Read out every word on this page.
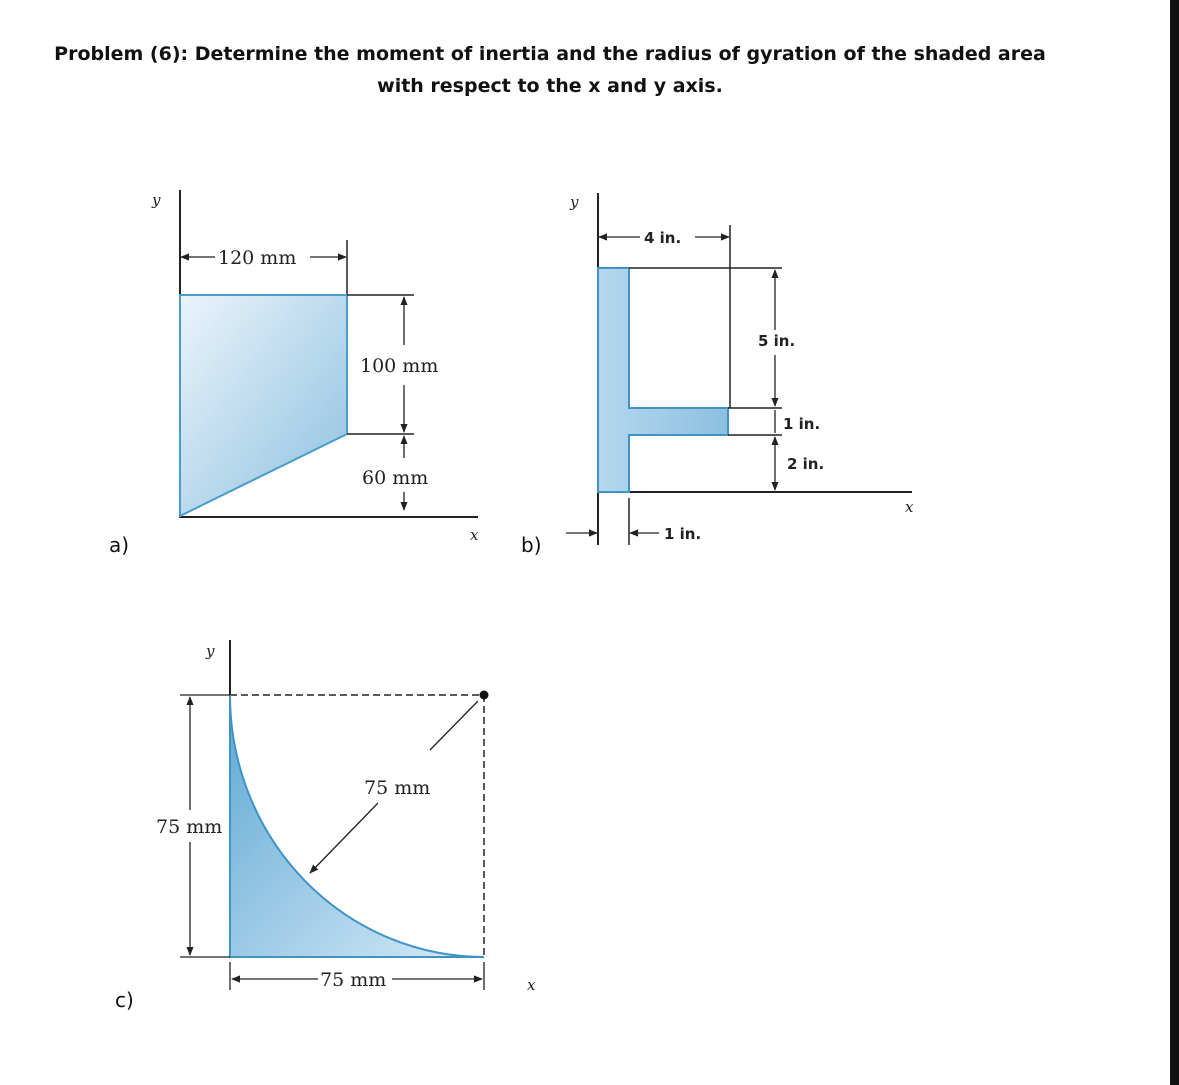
Problem (6): Determine the moment of inertia and the radius of gyration of the shaded area
with respect to the x and y axis.
a)	b)
c)
y
x
120 mm
100 mm
60 mm
y
x
4 in.
5 in.
1 in.
2 in.
1 in.
y
x
75 mm
75 mm
75 mm
